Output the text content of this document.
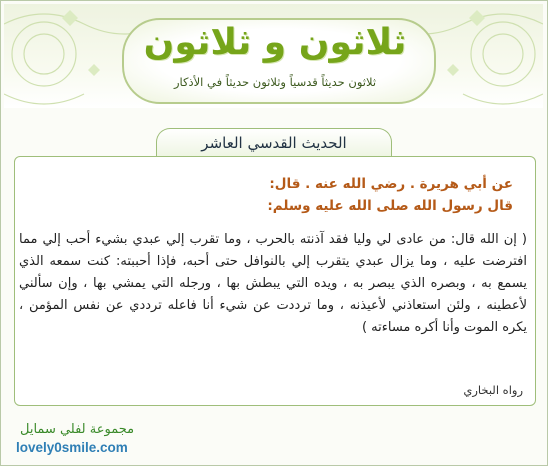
ثلاثون و ثلاثون
ثلاثون حديثاً قدسياً وثلاثون حديثاً في الأذكار
الحديث القدسي العاشر
عن أبي هريرة . رضي الله عنه . قال:
قال رسول الله صلى الله عليه وسلم:
( إن الله قال: من عادى لي وليا فقد آذنته بالحرب ، وما تقرب إلي عبدي بشيء أحب إلي مما افترضت عليه ، وما يزال عبدي يتقرب إلي بالنوافل حتى أحبه، فإذا أحببته: كنت سمعه الذي يسمع به ، وبصره الذي يبصر به ، ويده التي يبطش بها ، ورجله التي يمشي بها ، وإن سألني لأعطينه ، ولئن استعاذني لأعيذنه ، وما ترددت عن شيء أنا فاعله ترددي عن نفس المؤمن ، يكره الموت وأنا أكره مساءته )
رواه البخاري
مجموعة لفلي سمايل
lovely0smile.com
